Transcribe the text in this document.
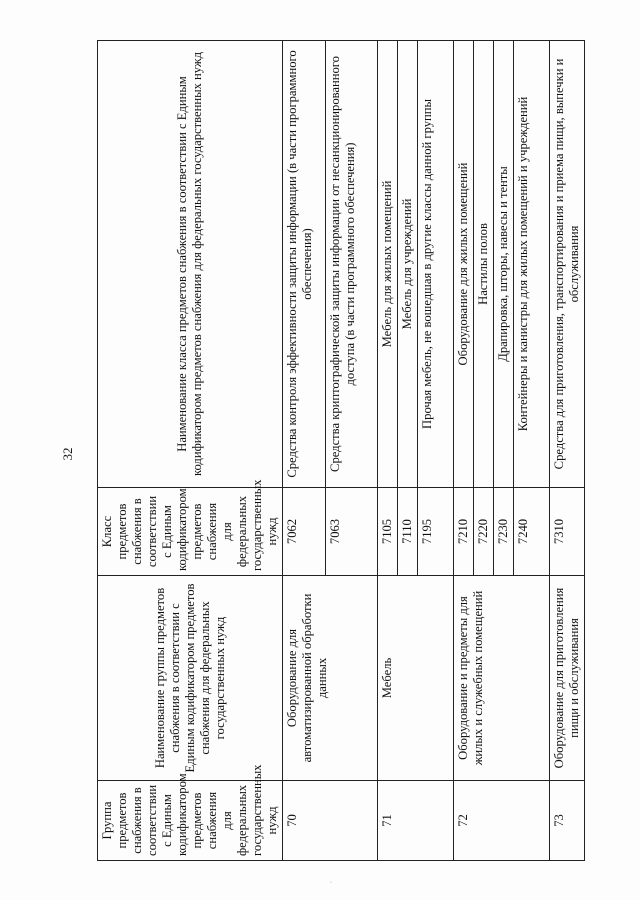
32
Группа предметов снабжения в соответствии с Единым кодификатором предметов снабжения для федеральных государственных нужд	Наименование группы предметов снабжения в соответствии с Единым кодификатором предметов снабжения для федеральных государственных нужд	Класс предметов снабжения в соответствии с Единым кодификатором предметов снабжения для федеральных государственных нужд	Наименование класса предметов снабжения в соответствии с Единым кодификатором предметов снабжения для федеральных государственных нужд
70	Оборудование для автоматизированной обработки данных	7062	Средства контроля эффективности защиты информации (в части программного обеспечения)
		7063	Средства криптографической защиты информации от несанкционированного доступа (в части программного обеспечения)
71	Мебель	7105	Мебель для жилых помещений
		7110	Мебель для учреждений
		7195	Прочая мебель, не вошедшая в другие классы данной группы
72	Оборудование и предметы для жилых и служебных помещений	7210	Оборудование для жилых помещений
		7220	Настилы полов
		7230	Драпировка, шторы, навесы и тенты
		7240	Контейнеры и канистры для жилых помещений и учреждений
73	Оборудование для приготовления пищи и обслуживания	7310	Средства для приготовления, транспортирования и приема пищи, выпечки и обслуживания
·
